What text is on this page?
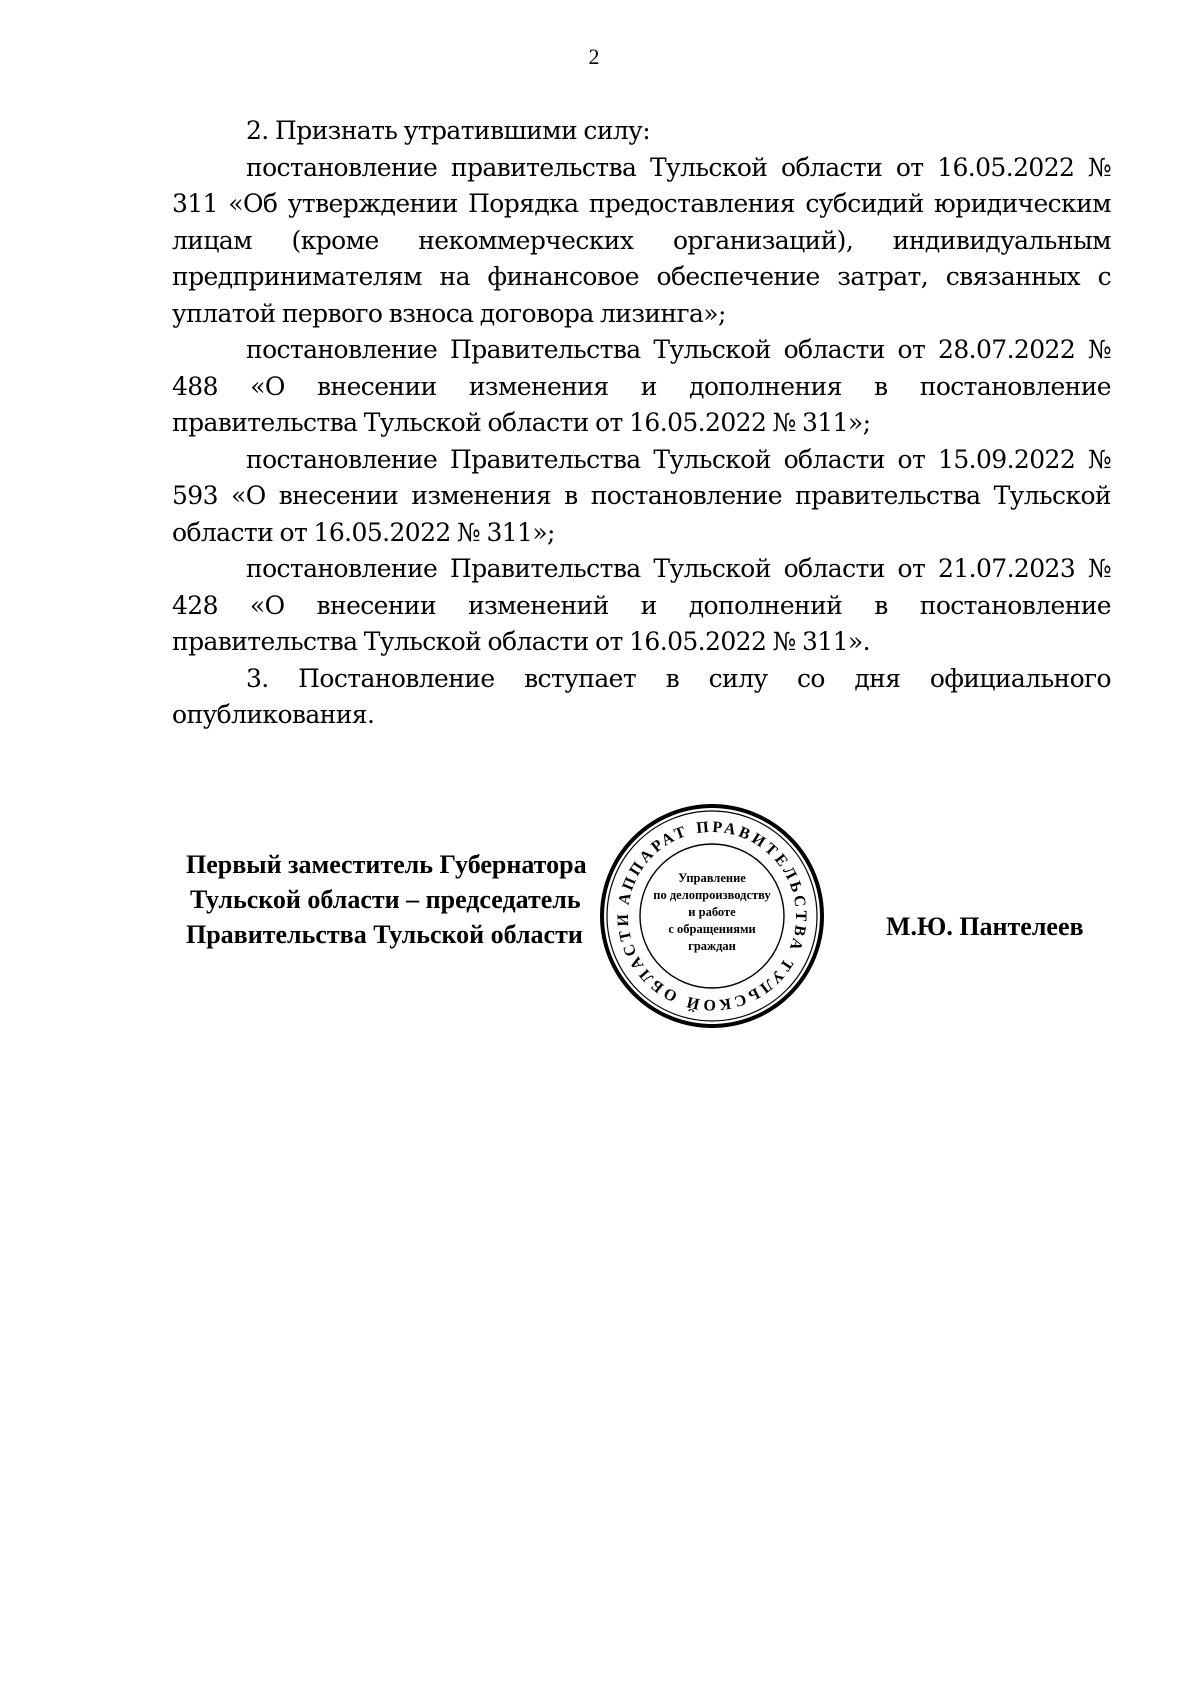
2

2. Признать утратившими силу:

постановление правительства Тульской области от 16.05.2022 № 311 «Об утверждении Порядка предоставления субсидий юридическим лицам (кроме некоммерческих организаций), индивидуальным предпринимателям на финансовое обеспечение затрат, связанных с уплатой первого взноса договора лизинга»;

постановление Правительства Тульской области от 28.07.2022 № 488 «О внесении изменения и дополнения в постановление правительства Тульской области от 16.05.2022 № 311»;

постановление Правительства Тульской области от 15.09.2022 № 593 «О внесении изменения в постановление правительства Тульской области от 16.05.2022 № 311»;

постановление Правительства Тульской области от 21.07.2023 № 428 «О внесении изменений и дополнений в постановление правительства Тульской области от 16.05.2022 № 311».

3. Постановление вступает в силу со дня официального опубликования.

Первый заместитель Губернатора
Тульской области – председатель
Правительства Тульской области	М.Ю. Пантелеев
АППАРАТ ПРАВИТЕЛЬСТВА ТУЛЬСКОЙ ОБЛАСТИ
Управление
по делопроизводству
и работе
с обращениями
граждан
